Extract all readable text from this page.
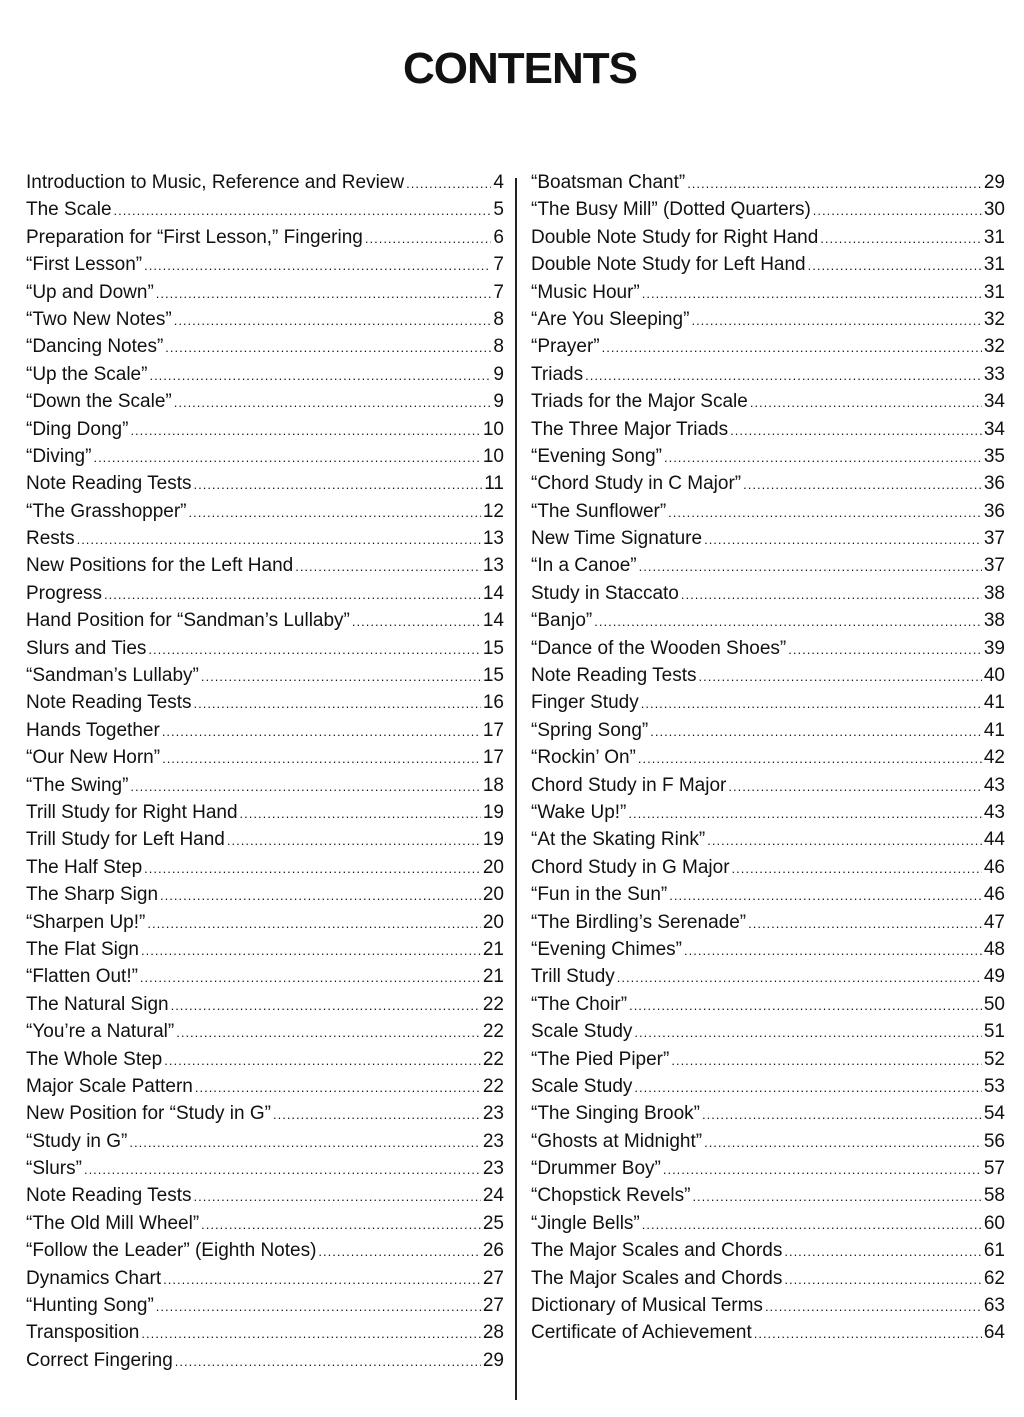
CONTENTS
Introduction to Music, Reference and Review .....	4
The Scale .....	5
Preparation for “First Lesson,” Fingering .....	6
“First Lesson” .....	7
“Up and Down” .....	7
“Two New Notes” .....	8
“Dancing Notes” .....	8
“Up the Scale” .....	9
“Down the Scale” .....	9
“Ding Dong” .....	10
“Diving” .....	10
Note Reading Tests .....	11
“The Grasshopper” .....	12
Rests .....	13
New Positions for the Left Hand .....	13
Progress .....	14
Hand Position for “Sandman’s Lullaby” .....	14
Slurs and Ties .....	15
“Sandman’s Lullaby” .....	15
Note Reading Tests .....	16
Hands Together .....	17
“Our New Horn” .....	17
“The Swing” .....	18
Trill Study for Right Hand .....	19
Trill Study for Left Hand .....	19
The Half Step .....	20
The Sharp Sign .....	20
“Sharpen Up!” .....	20
The Flat Sign .....	21
“Flatten Out!” .....	21
The Natural Sign .....	22
“You’re a Natural” .....	22
The Whole Step .....	22
Major Scale Pattern .....	22
New Position for “Study in G” .....	23
“Study in G” .....	23
“Slurs” .....	23
Note Reading Tests .....	24
“The Old Mill Wheel” .....	25
“Follow the Leader” (Eighth Notes) .....	26
Dynamics Chart .....	27
“Hunting Song” .....	27
Transposition .....	28
Correct Fingering .....	29
“Boatsman Chant” .....	29
“The Busy Mill” (Dotted Quarters) .....	30
Double Note Study for Right Hand .....	31
Double Note Study for Left Hand .....	31
“Music Hour” .....	31
“Are You Sleeping” .....	32
“Prayer” .....	32
Triads .....	33
Triads for the Major Scale .....	34
The Three Major Triads .....	34
“Evening Song” .....	35
“Chord Study in C Major” .....	36
“The Sunflower” .....	36
New Time Signature .....	37
“In a Canoe” .....	37
Study in Staccato .....	38
“Banjo” .....	38
“Dance of the Wooden Shoes” .....	39
Note Reading Tests .....	40
Finger Study .....	41
“Spring Song” .....	41
“Rockin’ On” .....	42
Chord Study in F Major .....	43
“Wake Up!” .....	43
“At the Skating Rink” .....	44
Chord Study in G Major .....	46
“Fun in the Sun” .....	46
“The Birdling’s Serenade” .....	47
“Evening Chimes” .....	48
Trill Study .....	49
“The Choir” .....	50
Scale Study .....	51
“The Pied Piper” .....	52
Scale Study .....	53
“The Singing Brook” .....	54
“Ghosts at Midnight” .....	56
“Drummer Boy” .....	57
“Chopstick Revels” .....	58
“Jingle Bells” .....	60
The Major Scales and Chords .....	61
The Major Scales and Chords .....	62
Dictionary of Musical Terms .....	63
Certificate of Achievement .....	64
